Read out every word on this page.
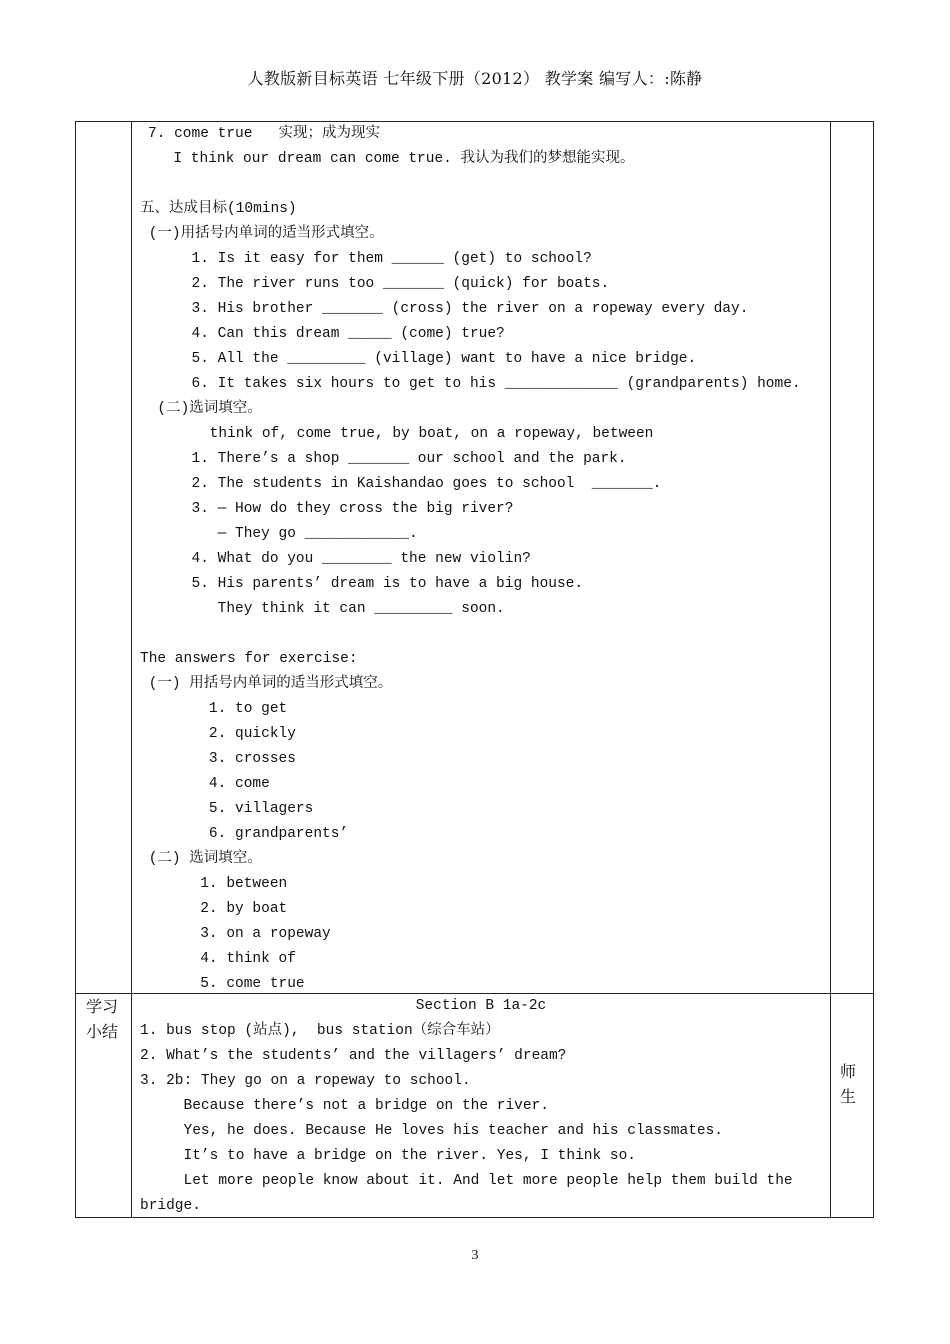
人教版新目标英语 七年级下册（2012） 教学案 编写人：:陈静
7. come true   实现；成为现实
I think our dream can come true. 我认为我们的梦想能实现。
五、达成目标(10mins)
(一)用括号内单词的适当形式填空。
1. Is it easy for them ______ (get) to school?
2. The river runs too _______ (quick) for boats.
3. His brother _______ (cross) the river on a ropeway every day.
4. Can this dream _____ (come) true?
5. All the _________ (village) want to have a nice bridge.
6. It takes six hours to get to his _____________ (grandparents) home.
(二)选词填空。
think of, come true, by boat, on a ropeway, between
1. There’s a shop _______ our school and the park.
2. The students in Kaishandao goes to school  _______.
3. — How do they cross the big river?
— They go ____________.
4. What do you ________ the new violin?
5. His parents’ dream is to have a big house.
They think it can _________ soon.
The answers for exercise:
(一) 用括号内单词的适当形式填空。
1. to get
2. quickly
3. crosses
4. come
5. villagers
6. grandparents’
(二) 选词填空。
1. between
2. by boat
3. on a ropeway
4. think of
5. come true
学习
小结
Section B 1a-2c
1. bus stop (站点),  bus station（综合车站）
2. What’s the students’ and the villagers’ dream?
3. 2b: They go on a ropeway to school.
Because there’s not a bridge on the river.
Yes, he does. Because He loves his teacher and his classmates.
It’s to have a bridge on the river. Yes, I think so.
Let more people know about it. And let more people help them build the
bridge.
师
生
3
